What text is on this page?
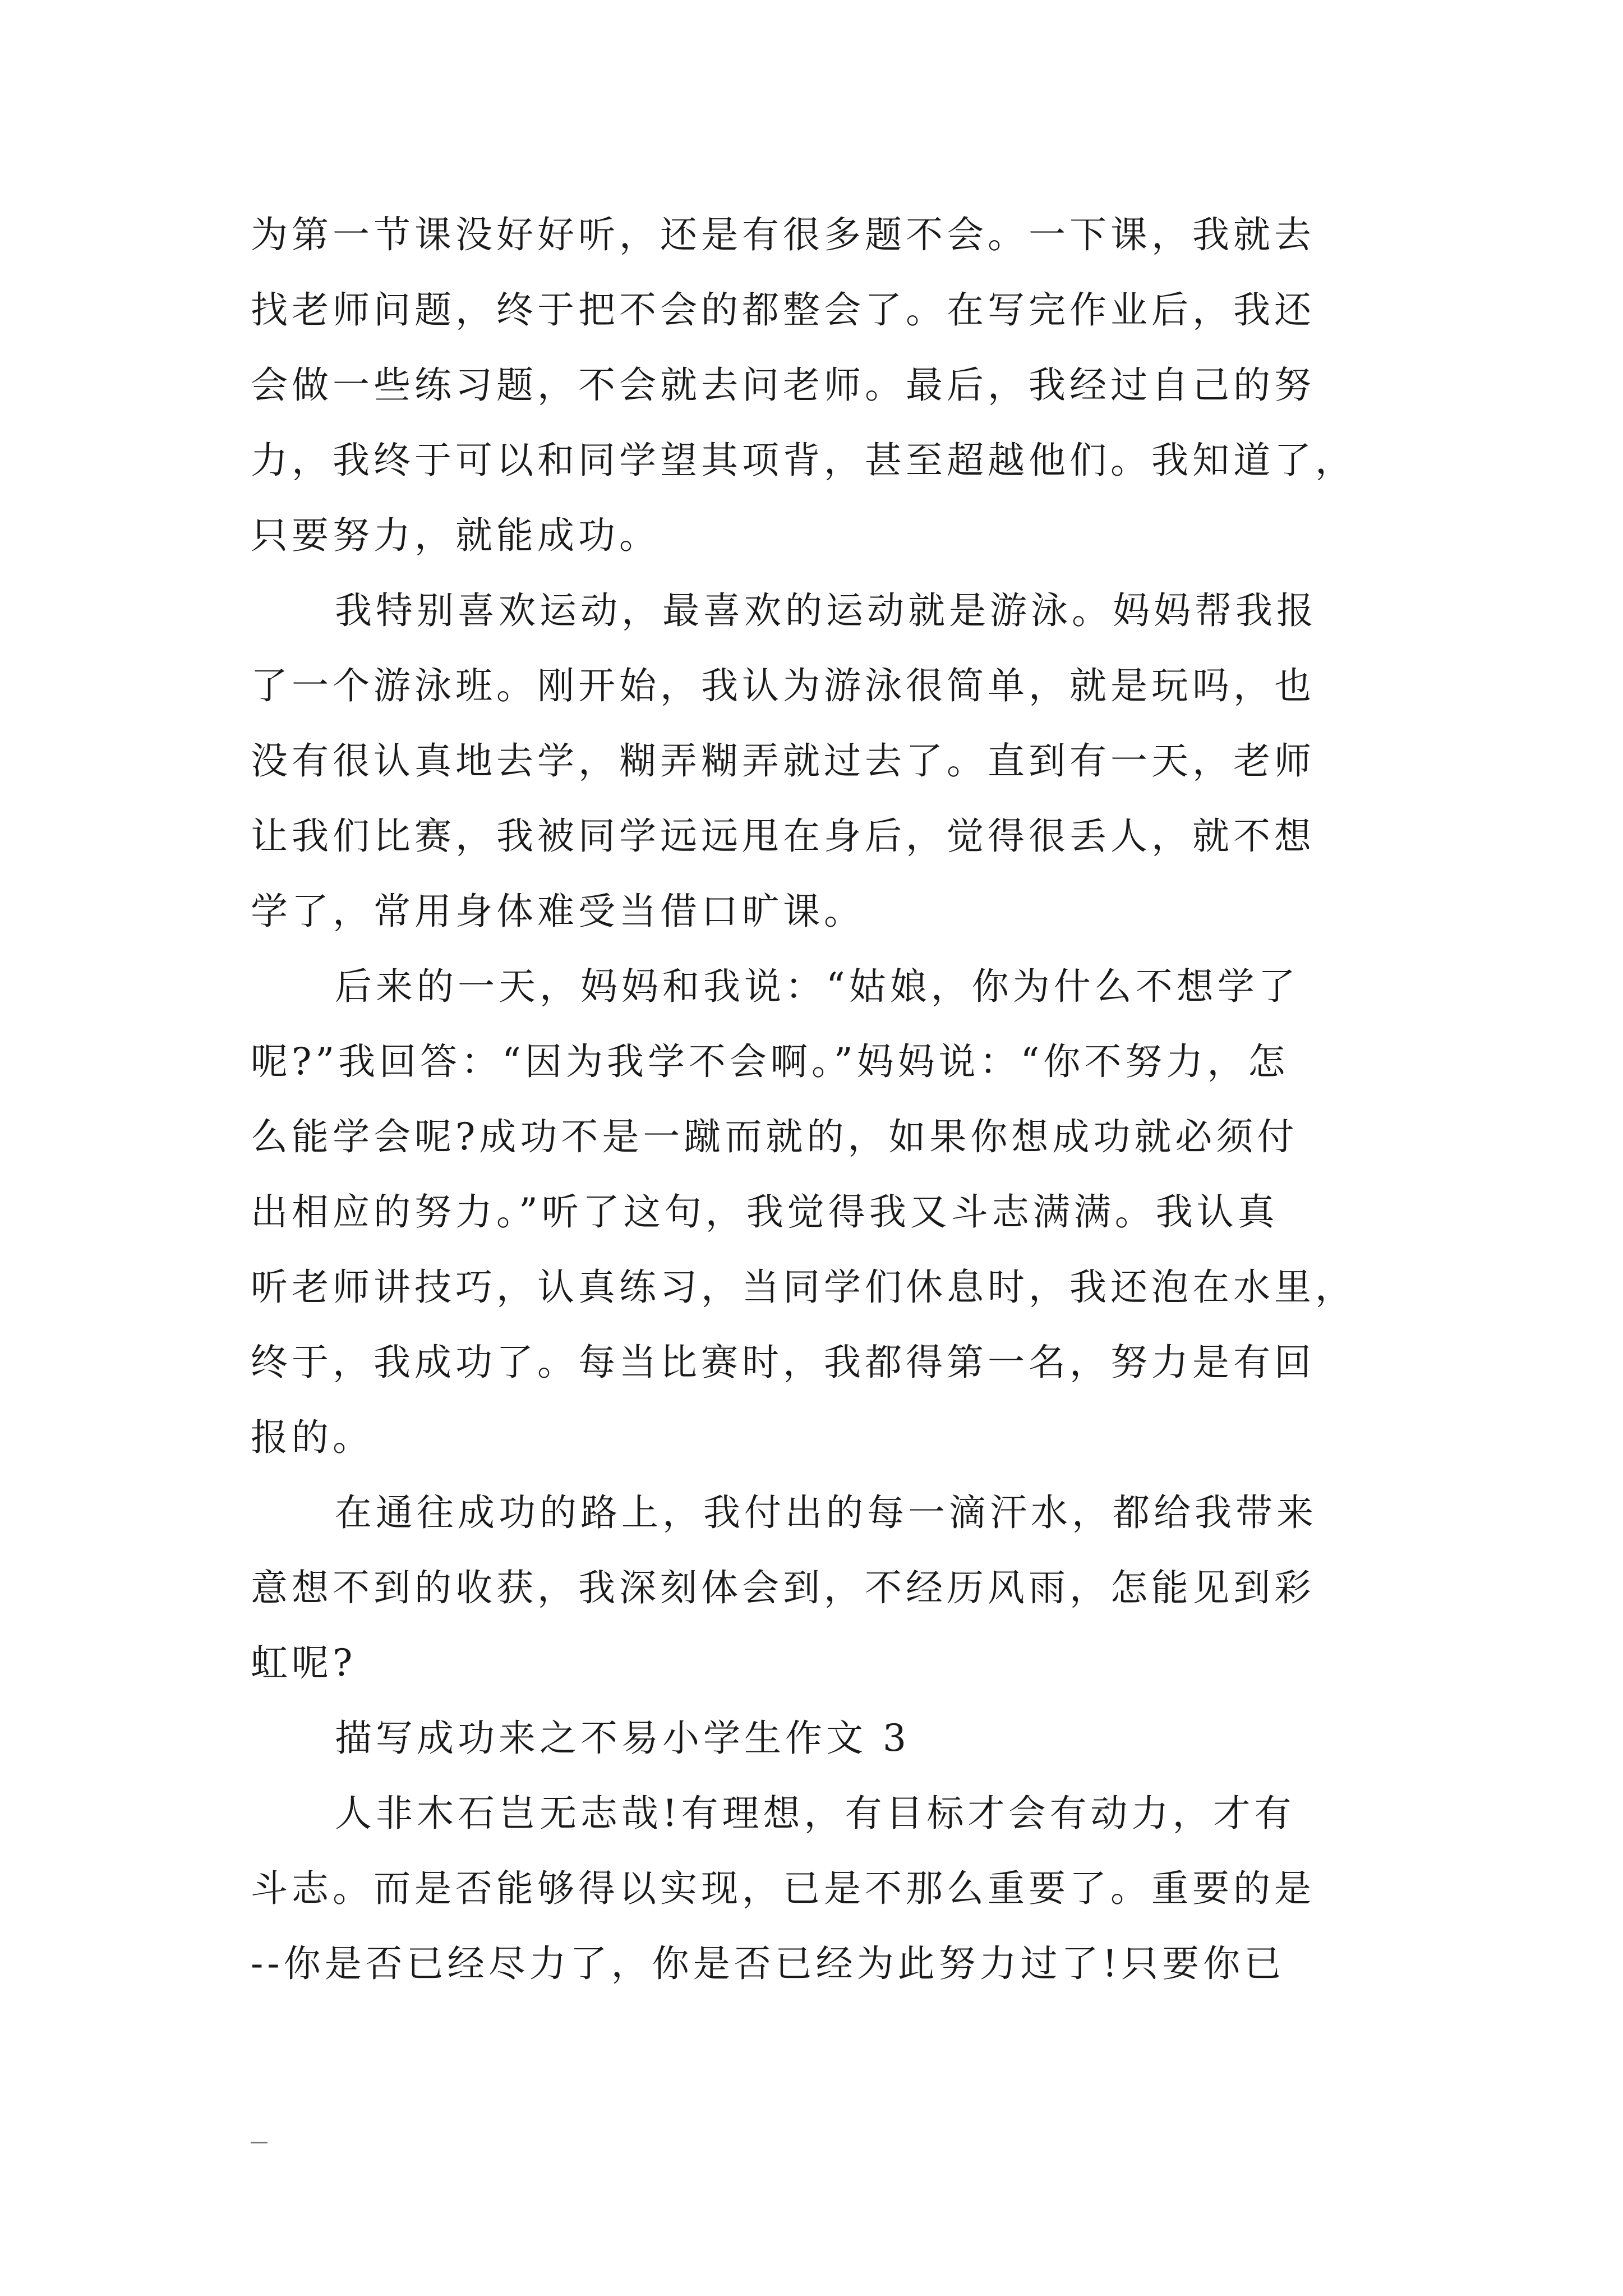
为第一节课没好好听，还是有很多题不会。一下课，我就去
找老师问题，终于把不会的都整会了。在写完作业后，我还
会做一些练习题，不会就去问老师。最后，我经过自己的努
力，我终于可以和同学望其项背，甚至超越他们。我知道了，
只要努力，就能成功。
我特别喜欢运动，最喜欢的运动就是游泳。妈妈帮我报
了一个游泳班。刚开始，我认为游泳很简单，就是玩吗，也
没有很认真地去学，糊弄糊弄就过去了。直到有一天，老师
让我们比赛，我被同学远远甩在身后，觉得很丢人，就不想
学了，常用身体难受当借口旷课。
后来的一天，妈妈和我说：“姑娘，你为什么不想学了
呢?”我回答：“因为我学不会啊。”妈妈说：“你不努力，怎
么能学会呢?成功不是一蹴而就的，如果你想成功就必须付
出相应的努力。”听了这句，我觉得我又斗志满满。我认真
听老师讲技巧，认真练习，当同学们休息时，我还泡在水里，
终于，我成功了。每当比赛时，我都得第一名，努力是有回
报的。
在通往成功的路上，我付出的每一滴汗水，都给我带来
意想不到的收获，我深刻体会到，不经历风雨，怎能见到彩
虹呢?
描写成功来之不易小学生作文 3
人非木石岂无志哉!有理想，有目标才会有动力，才有
斗志。而是否能够得以实现，已是不那么重要了。重要的是
--你是否已经尽力了，你是否已经为此努力过了!只要你已
